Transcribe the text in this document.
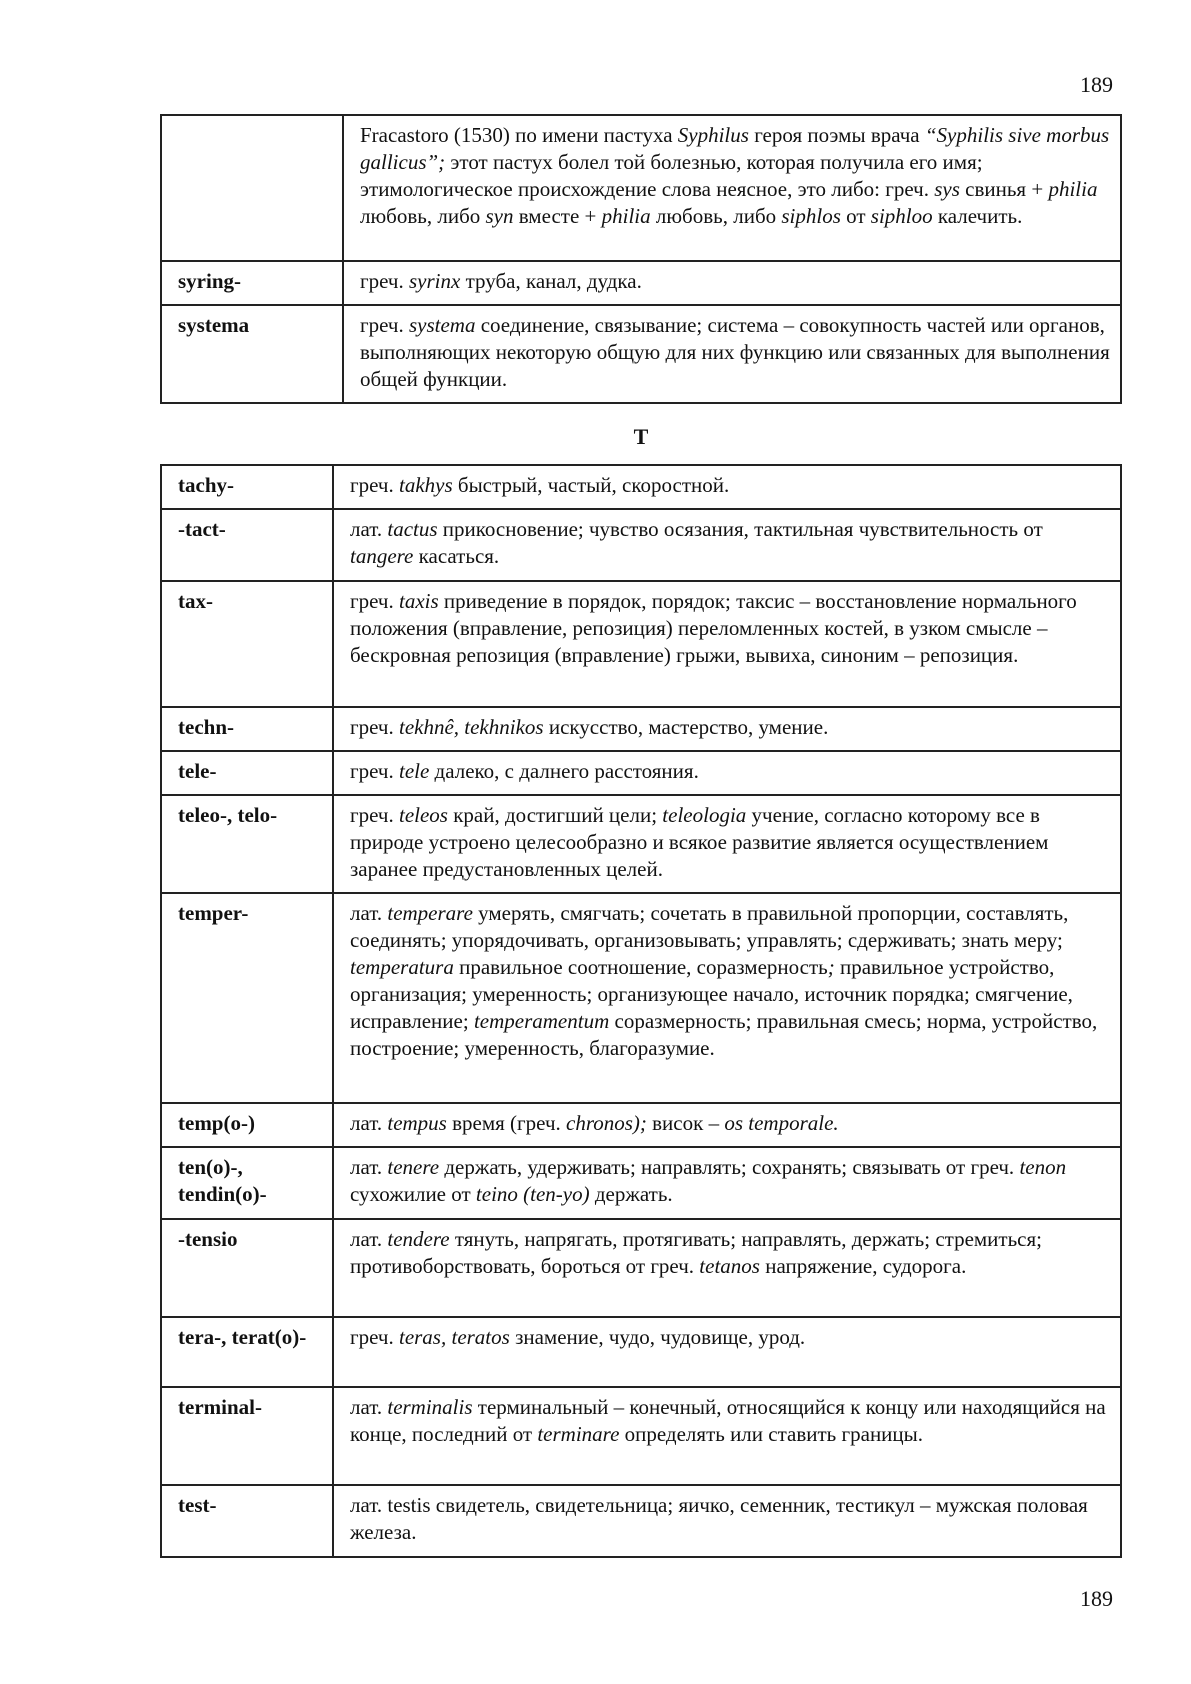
189
	Fracastoro (1530) по имени пастуха Syphilus героя поэмы врача “Syphilis sive morbus gallicus”; этот пастух болел той болезнью, которая получила его имя; этимологическое происхождение слова неясное, это либо: греч. sys свинья + philia любовь, либо syn вместе + philia любовь, либо siphlos от siphloo калечить.
syring-	греч. syrinx труба, канал, дудка.
systema	греч. systema соединение, связывание; система – совокупность частей или органов, выполняющих некоторую общую для них функцию или связанных для выполнения общей функции.
T
tachy-	греч. takhys быстрый, частый, скоростной.
-tact-	лат. tactus прикосновение; чувство осязания, тактильная чувствительность от tangere касаться.
tax-	греч. taxis приведение в порядок, порядок; таксис – восстановление нормального положения (вправление, репозиция) переломленных костей, в узком смысле – бескровная репозиция (вправление) грыжи, вывиха, синоним – репозиция.
techn-	греч. tekhnê, tekhnikos искусство, мастерство, умение.
tele-	греч. tele далеко, с далнего расстояния.
teleo-, telo-	греч. teleos край, достигший цели; teleologia учение, согласно которому все в природе устроено целесообразно и всякое развитие является осуществлением заранее предустановленных целей.
temper-	лат. temperare умерять, смягчать; сочетать в правильной пропорции, составлять, соединять; упорядочивать, организовывать; управлять; сдерживать; знать меру; temperatura правильное соотношение, соразмерность; правильное устройство, организация; умеренность; организующее начало, источник порядка; смягчение, исправление; temperamentum соразмерность; правильная смесь; норма, устройство, построение; умеренность, благоразумие.
temp(o-)	лат. tempus время (греч. chronos); висок – os temporale.
ten(o)-, tendin(o)-	лат. tenere держать, удерживать; направлять; сохранять; связывать от греч. tenon сухожилие от teino (ten-yo) держать.
-tensio	лат. tendere тянуть, напрягать, протягивать; направлять, держать; стремиться; противоборствовать, бороться от греч. tetanos напряжение, судорога.
tera-, terat(o)-	греч. teras, teratos знамение, чудо, чудовище, урод.
terminal-	лат. terminalis терминальный – конечный, относящийся к концу или находящийся на конце, последний от terminare определять или ставить границы.
test-	лат. testis свидетель, свидетельница; яичко, семенник, тестикул – мужская половая железа.
189
